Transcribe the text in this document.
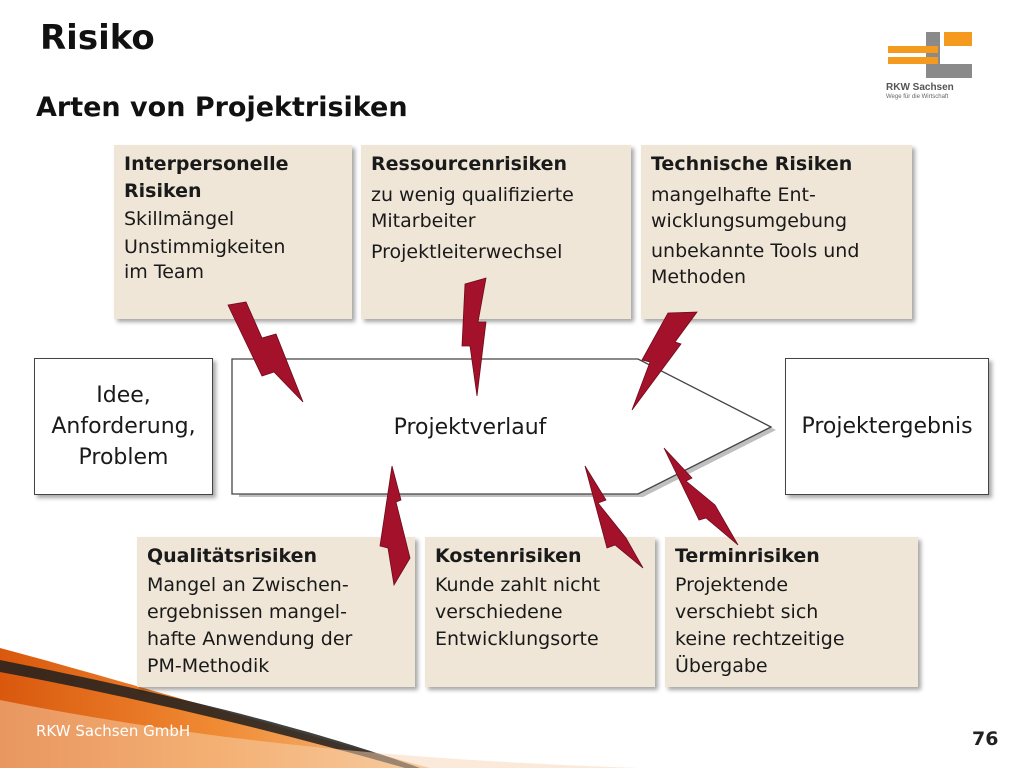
Risiko
Arten von Projektrisiken
RKW Sachsen
Wege für die Wirtschaft
Interpersonelle
Risiken
Skillmängel
Unstimmigkeiten
im Team
Ressourcenrisiken
zu wenig qualifizierte
Mitarbeiter
Projektleiterwechsel
Technische Risiken
mangelhafte Ent-
wicklungsumgebung
unbekannte Tools und
Methoden
Idee,
Anforderung,
Problem
Projektverlauf	Projektergebnis
Qualitätsrisiken
Mangel an Zwischen-
ergebnissen mangel-
hafte Anwendung der
PM-Methodik
Kostenrisiken
Kunde zahlt nicht
verschiedene
Entwicklungsorte
Terminrisiken
Projektende
verschiebt sich
keine rechtzeitige
Übergabe
RKW Sachsen GmbH	76
